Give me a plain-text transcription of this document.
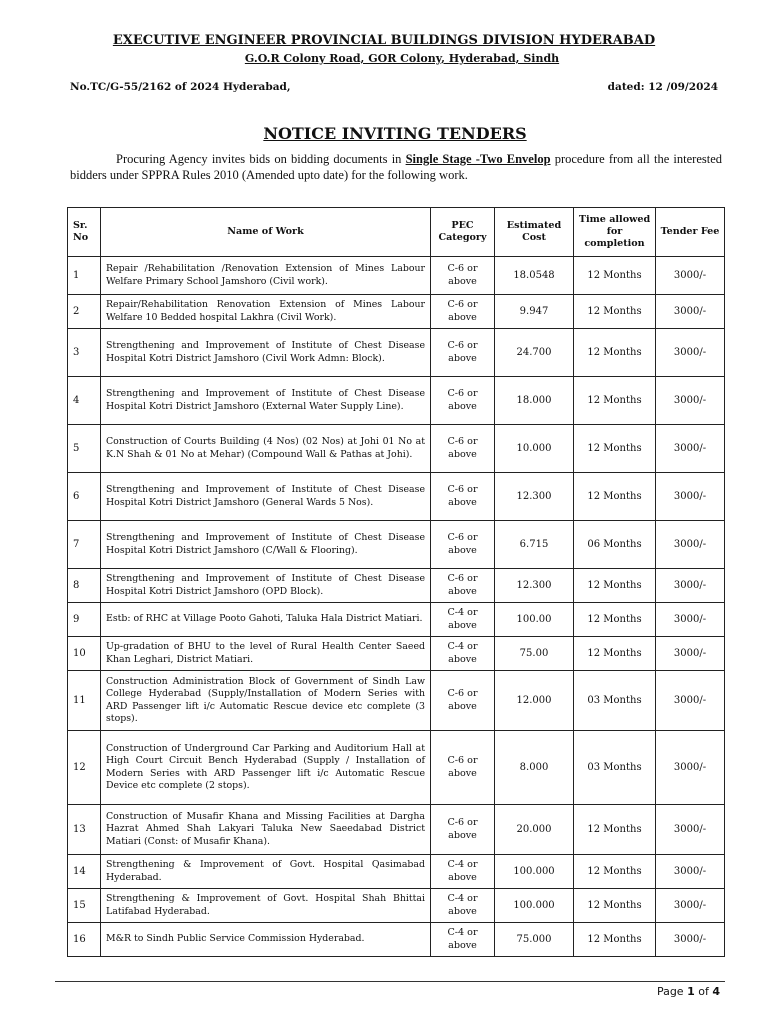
EXECUTIVE ENGINEER PROVINCIAL BUILDINGS DIVISION HYDERABAD
G.O.R Colony Road, GOR Colony, Hyderabad, Sindh
No.TC/G-55/2162 of 2024 Hyderabad,	dated: 12 /09/2024
NOTICE INVITING TENDERS
Procuring Agency invites bids on bidding documents in Single Stage -Two Envelop procedure from all the interested bidders under SPPRA Rules 2010 (Amended upto date) for the following work.
Sr. No	Name of Work	PEC Category	Estimated Cost	Time allowed for completion	Tender Fee
1	Repair /Rehabilitation /Renovation Extension of Mines Labour Welfare Primary School Jamshoro (Civil work).	C-6 or above	18.0548	12 Months	3000/-
2	Repair/Rehabilitation Renovation Extension of Mines Labour Welfare 10 Bedded hospital Lakhra (Civil Work).	C-6 or above	9.947	12 Months	3000/-
3	Strengthening and Improvement of Institute of Chest Disease Hospital Kotri District Jamshoro (Civil Work Admn: Block).	C-6 or above	24.700	12 Months	3000/-
4	Strengthening and Improvement of Institute of Chest Disease Hospital Kotri District Jamshoro (External Water Supply Line).	C-6 or above	18.000	12 Months	3000/-
5	Construction of Courts Building (4 Nos) (02 Nos) at Johi 01 No at K.N Shah & 01 No at Mehar) (Compound Wall & Pathas at Johi).	C-6 or above	10.000	12 Months	3000/-
6	Strengthening and Improvement of Institute of Chest Disease Hospital Kotri District Jamshoro (General Wards 5 Nos).	C-6 or above	12.300	12 Months	3000/-
7	Strengthening and Improvement of Institute of Chest Disease Hospital Kotri District Jamshoro (C/Wall & Flooring).	C-6 or above	6.715	06 Months	3000/-
8	Strengthening and Improvement of Institute of Chest Disease Hospital Kotri District Jamshoro (OPD Block).	C-6 or above	12.300	12 Months	3000/-
9	Estb: of RHC at Village Pooto Gahoti, Taluka Hala District Matiari.	C-4 or above	100.00	12 Months	3000/-
10	Up-gradation of BHU to the level of Rural Health Center Saeed Khan Leghari, District Matiari.	C-4 or above	75.00	12 Months	3000/-
11	Construction Administration Block of Government of Sindh Law College Hyderabad (Supply/Installation of Modern Series with ARD Passenger lift i/c Automatic Rescue device etc complete (3 stops).	C-6 or above	12.000	03 Months	3000/-
12	Construction of Underground Car Parking and Auditorium Hall at High Court Circuit Bench Hyderabad (Supply / Installation of Modern Series with ARD Passenger lift i/c Automatic Rescue Device etc complete (2 stops).	C-6 or above	8.000	03 Months	3000/-
13	Construction of Musafir Khana and Missing Facilities at Dargha Hazrat Ahmed Shah Lakyari Taluka New Saeedabad District Matiari (Const: of Musafir Khana).	C-6 or above	20.000	12 Months	3000/-
14	Strengthening & Improvement of Govt. Hospital Qasimabad Hyderabad.	C-4 or above	100.000	12 Months	3000/-
15	Strengthening & Improvement of Govt. Hospital Shah Bhittai Latifabad Hyderabad.	C-4 or above	100.000	12 Months	3000/-
16	M&R to Sindh Public Service Commission Hyderabad.	C-4 or above	75.000	12 Months	3000/-
Page 1 of 4
